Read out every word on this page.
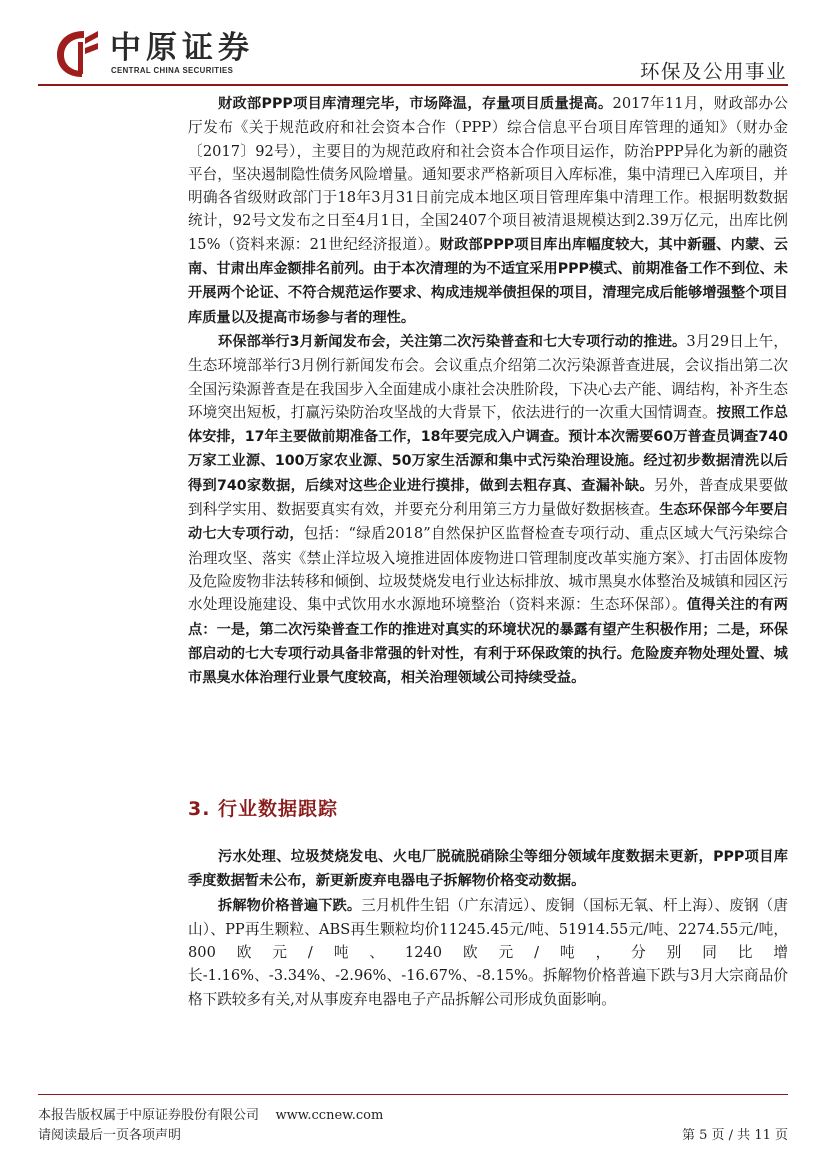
中原证券
CENTRAL CHINA SECURITIES	环保及公用事业

财政部PPP项目库清理完毕，市场降温，存量项目质量提高。2017年11月，财政部办公厅发布《关于规范政府和社会资本合作（PPP）综合信息平台项目库管理的通知》（财办金〔2017〕92号），主要目的为规范政府和社会资本合作项目运作，防治PPP异化为新的融资平台，坚决遏制隐性债务风险增量。通知要求严格新项目入库标准，集中清理已入库项目，并明确各省级财政部门于18年3月31日前完成本地区项目管理库集中清理工作。根据明数数据统计，92号文发布之日至4月1日，全国2407个项目被清退规模达到2.39万亿元，出库比例15%（资料来源：21世纪经济报道）。财政部PPP项目库出库幅度较大，其中新疆、内蒙、云南、甘肃出库金额排名前列。由于本次清理的为不适宜采用PPP模式、前期准备工作不到位、未开展两个论证、不符合规范运作要求、构成违规举债担保的项目，清理完成后能够增强整个项目库质量以及提高市场参与者的理性。

环保部举行3月新闻发布会，关注第二次污染普查和七大专项行动的推进。3月29日上午，生态环境部举行3月例行新闻发布会。会议重点介绍第二次污染源普查进展，会议指出第二次全国污染源普查是在我国步入全面建成小康社会决胜阶段，下决心去产能、调结构，补齐生态环境突出短板，打赢污染防治攻坚战的大背景下，依法进行的一次重大国情调查。按照工作总体安排，17年主要做前期准备工作，18年要完成入户调查。预计本次需要60万普查员调查740万家工业源、100万家农业源、50万家生活源和集中式污染治理设施。经过初步数据清洗以后得到740家数据，后续对这些企业进行摸排，做到去粗存真、查漏补缺。另外，普查成果要做到科学实用、数据要真实有效，并要充分利用第三方力量做好数据核查。生态环保部今年要启动七大专项行动，包括：“绿盾2018”自然保护区监督检查专项行动、重点区域大气污染综合治理攻坚、落实《禁止洋垃圾入境推进固体废物进口管理制度改革实施方案》、打击固体废物及危险废物非法转移和倾倒、垃圾焚烧发电行业达标排放、城市黑臭水体整治及城镇和园区污水处理设施建设、集中式饮用水水源地环境整治（资料来源：生态环保部）。值得关注的有两点：一是，第二次污染普查工作的推进对真实的环境状况的暴露有望产生积极作用；二是，环保部启动的七大专项行动具备非常强的针对性，有利于环保政策的执行。危险废弃物处理处置、城市黑臭水体治理行业景气度较高，相关治理领域公司持续受益。

3. 行业数据跟踪

污水处理、垃圾焚烧发电、火电厂脱硫脱硝除尘等细分领域年度数据未更新，PPP项目库季度数据暂未公布，新更新废弃电器电子拆解物价格变动数据。

拆解物价格普遍下跌。三月机件生铝（广东清远）、废铜（国标无氧、杆上海）、废钢（唐山）、PP再生颗粒、ABS再生颗粒均价11245.45元/吨、51914.55元/吨、2274.55元/吨，800欧元/吨、1240欧元/吨，分别同比增长-1.16%、-3.34%、-2.96%、-16.67%、-8.15%。拆解物价格普遍下跌与3月大宗商品价格下跌较多有关,对从事废弃电器电子产品拆解公司形成负面影响。

本报告版权属于中原证券股份有限公司 www.ccnew.com
请阅读最后一页各项声明	第 5 页 / 共 11 页
